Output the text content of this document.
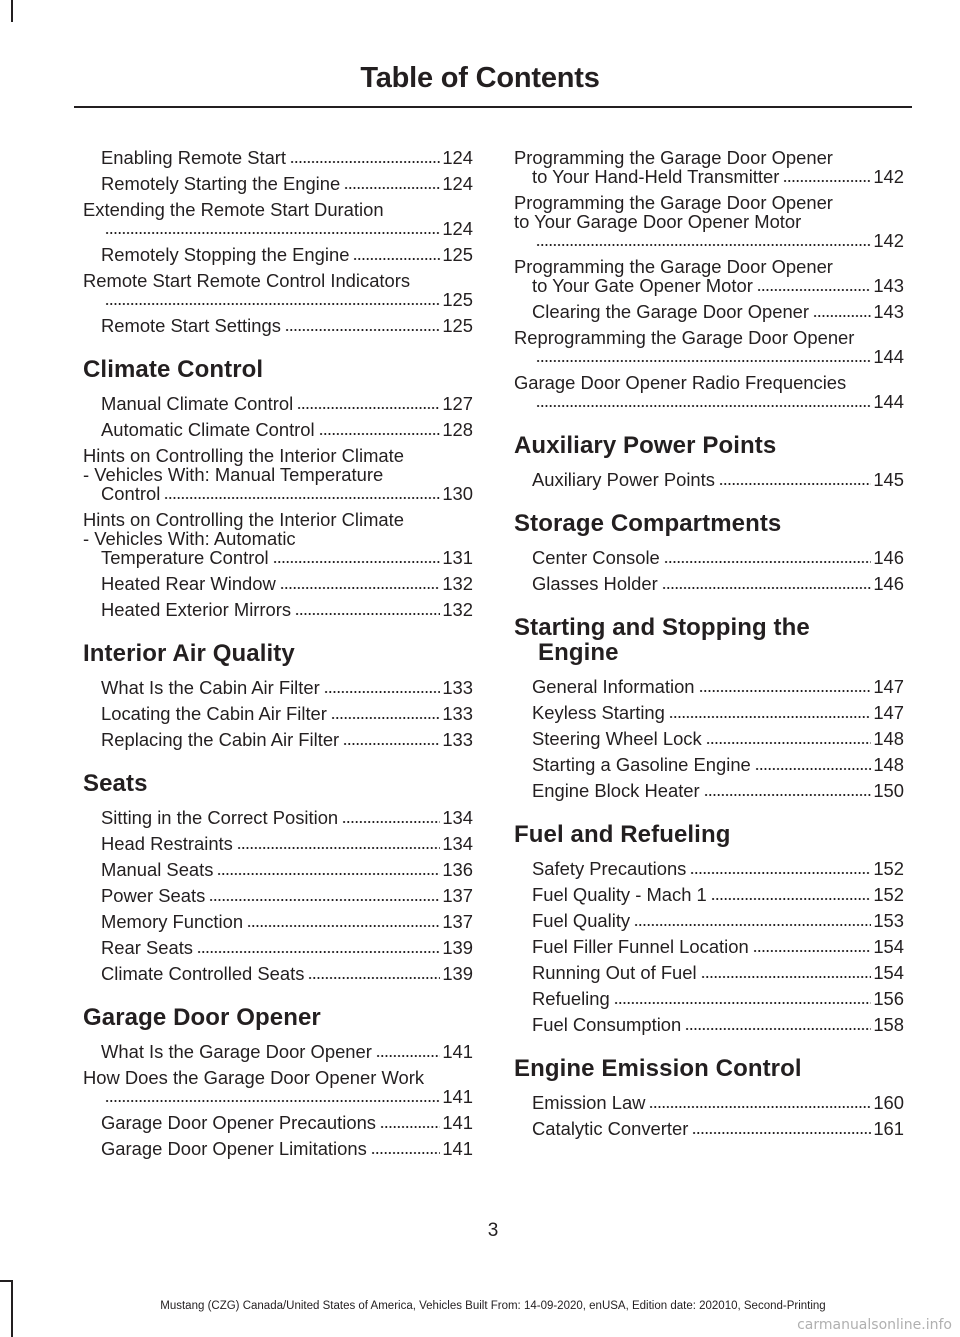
Table of Contents
Enabling Remote Start	124
Remotely Starting the Engine	124
Extending the Remote Start Duration
124
Remotely Stopping the Engine	125
Remote Start Remote Control Indicators
125
Remote Start Settings	125
Climate Control
Manual Climate Control	127
Automatic Climate Control	128
Hints on Controlling the Interior Climate
- Vehicles With: Manual Temperature
Control	130
Hints on Controlling the Interior Climate
- Vehicles With: Automatic
Temperature Control	131
Heated Rear Window	132
Heated Exterior Mirrors	132
Interior Air Quality
What Is the Cabin Air Filter	133
Locating the Cabin Air Filter	133
Replacing the Cabin Air Filter	133
Seats
Sitting in the Correct Position	134
Head Restraints	134
Manual Seats	136
Power Seats	137
Memory Function	137
Rear Seats	139
Climate Controlled Seats	139
Garage Door Opener
What Is the Garage Door Opener	141
How Does the Garage Door Opener Work
141
Garage Door Opener Precautions	141
Garage Door Opener Limitations	141
Programming the Garage Door Opener
to Your Hand-Held Transmitter	142
Programming the Garage Door Opener
to Your Garage Door Opener Motor
142
Programming the Garage Door Opener
to Your Gate Opener Motor	143
Clearing the Garage Door Opener	143
Reprogramming the Garage Door Opener
144
Garage Door Opener Radio Frequencies
144
Auxiliary Power Points
Auxiliary Power Points	145
Storage Compartments
Center Console	146
Glasses Holder	146
Starting and Stopping the
Engine
General Information	147
Keyless Starting	147
Steering Wheel Lock	148
Starting a Gasoline Engine	148
Engine Block Heater	150
Fuel and Refueling
Safety Precautions	152
Fuel Quality - Mach 1	152
Fuel Quality	153
Fuel Filler Funnel Location	154
Running Out of Fuel	154
Refueling	156
Fuel Consumption	158
Engine Emission Control
Emission Law	160
Catalytic Converter	161
3
Mustang (CZG) Canada/United States of America, Vehicles Built From: 14-09-2020, enUSA, Edition date: 202010, Second-Printing
carmanualsonline.info
